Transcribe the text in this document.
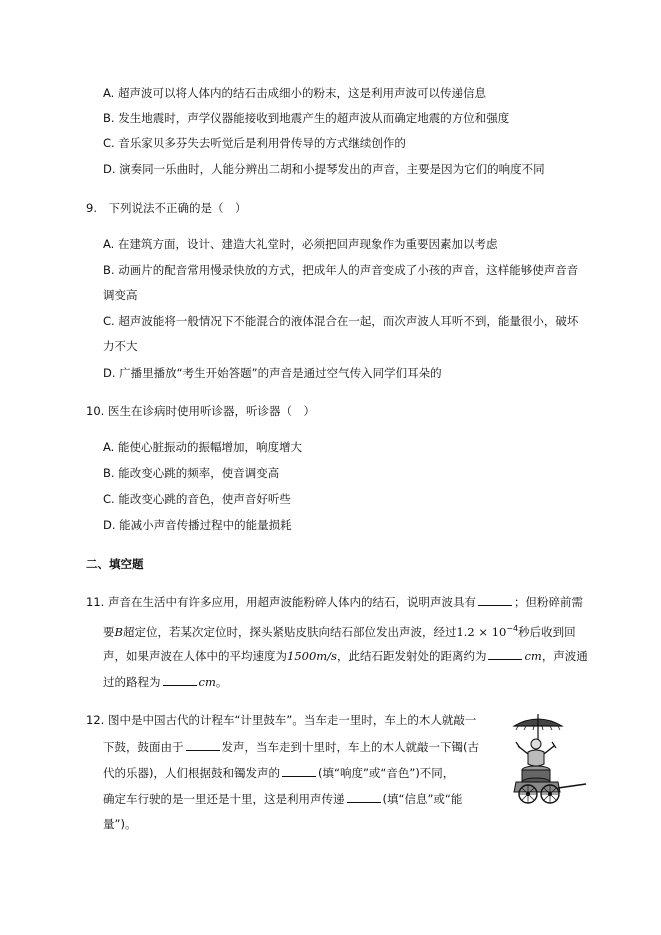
A. 超声波可以将人体内的结石击成细小的粉末，这是利用声波可以传递信息
B. 发生地震时，声学仪器能接收到地震产生的超声波从而确定地震的方位和强度
C. 音乐家贝多芬失去听觉后是利用骨传导的方式继续创作的
D. 演奏同一乐曲时，人能分辨出二胡和小提琴发出的声音，主要是因为它们的响度不同
9.　下列说法不正确的是（　）
A. 在建筑方面，设计、建造大礼堂时，必须把回声现象作为重要因素加以考虑
B. 动画片的配音常用慢录快放的方式，把成年人的声音变成了小孩的声音，这样能够使声音音
调变高
C. 超声波能将一般情况下不能混合的液体混合在一起，而次声波人耳听不到，能量很小，破坏
力不大
D. 广播里播放“考生开始答题”的声音是通过空气传入同学们耳朵的
10. 医生在诊病时使用听诊器，听诊器（　）
A. 能使心脏振动的振幅增加，响度增大
B. 能改变心跳的频率，使音调变高
C. 能改变心跳的音色，使声音好听些
D. 能减小声音传播过程中的能量损耗
二、填空题
11. 声音在生活中有许多应用，用超声波能粉碎人体内的结石，说明声波具有	；但粉碎前需
要B超定位，若某次定位时，探头紧贴皮肤向结石部位发出声波，经过$1.2 \times 10^{-4}$秒后收到回
声，如果声波在人体中的平均速度为1500m/s，此结石距发射处的距离约为	cm，声波通
过的路程为	cm。
12. 图中是中国古代的计程车“计里鼓车”。当车走一里时，车上的木人就敲一
下鼓，鼓面由于	发声，当车走到十里时，车上的木人就敲一下镯(古
代的乐器)，人们根据鼓和镯发声的	(填“响度”或“音色”)不同，
确定车行驶的是一里还是十里，这是利用声传递	(填“信息”或“能
量”)。
